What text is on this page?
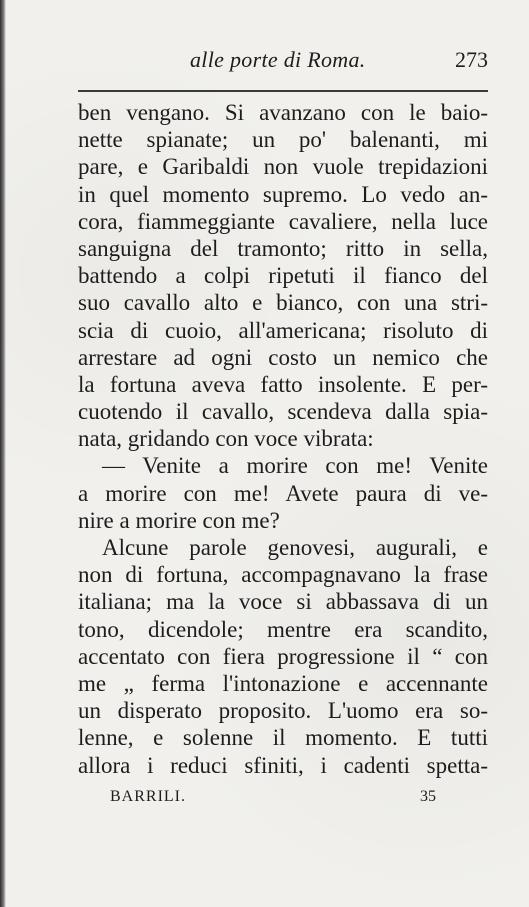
alle porte di Roma.	273
ben vengano. Si avanzano con le baio-
nette spianate; un po' balenanti, mi
pare, e Garibaldi non vuole trepidazioni
in quel momento supremo. Lo vedo an-
cora, fiammeggiante cavaliere, nella luce
sanguigna del tramonto; ritto in sella,
battendo a colpi ripetuti il fianco del
suo cavallo alto e bianco, con una stri-
scia di cuoio, all'americana; risoluto di
arrestare ad ogni costo un nemico che
la fortuna aveva fatto insolente. E per-
cuotendo il cavallo, scendeva dalla spia-
nata, gridando con voce vibrata:
— Venite a morire con me! Venite
a morire con me! Avete paura di ve-
nire a morire con me?
Alcune parole genovesi, augurali, e
non di fortuna, accompagnavano la frase
italiana; ma la voce si abbassava di un
tono, dicendole; mentre era scandito,
accentato con fiera progressione il “ con
me „ ferma l'intonazione e accennante
un disperato proposito. L'uomo era so-
lenne, e solenne il momento. E tutti
allora i reduci sfiniti, i cadenti spetta-
BARRILI.	35
